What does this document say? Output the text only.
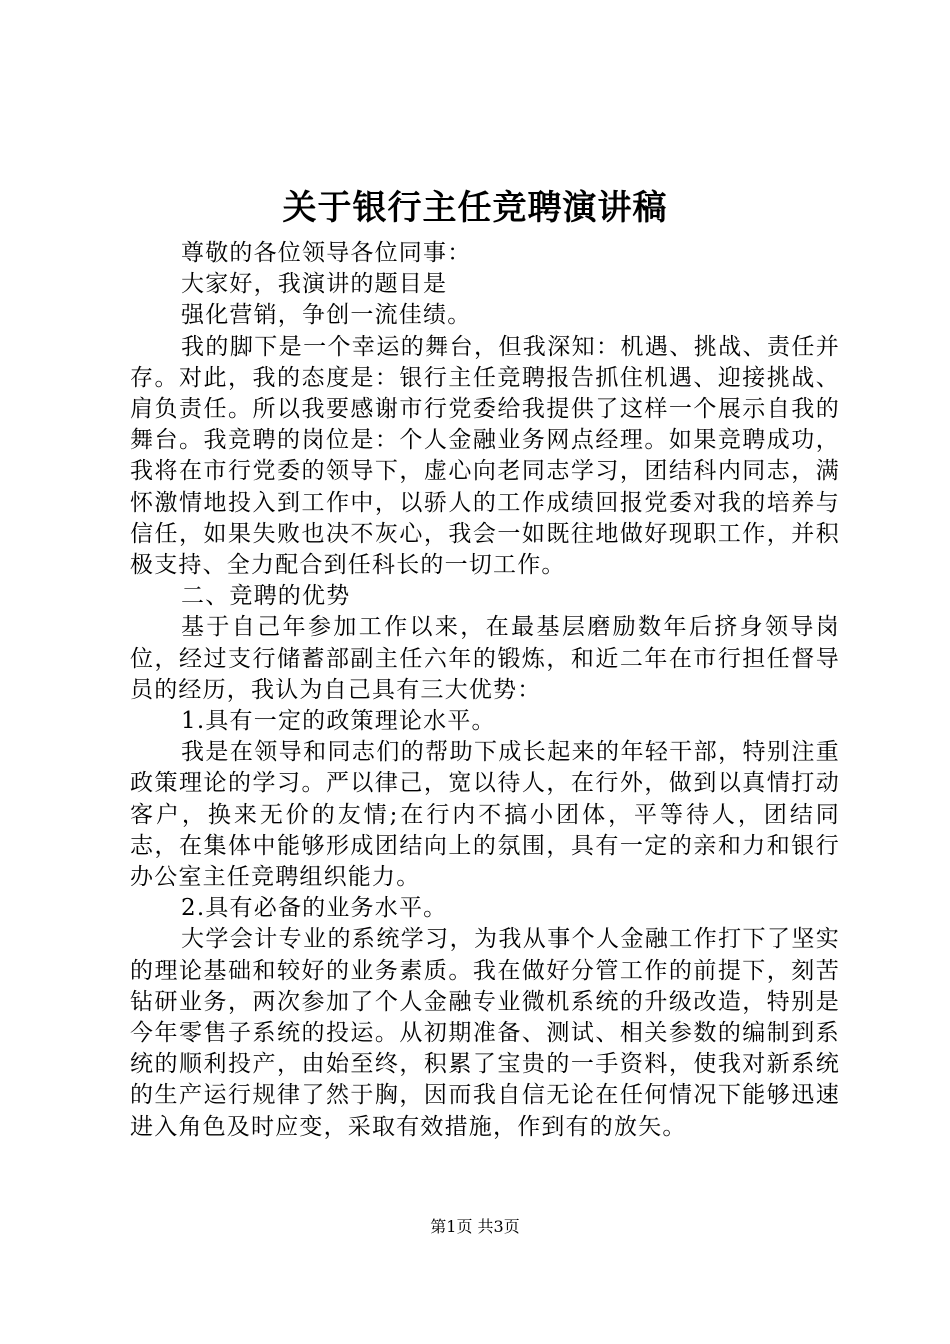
关于银行主任竞聘演讲稿

尊敬的各位领导各位同事：

大家好，我演讲的题目是

强化营销，争创一流佳绩。

我的脚下是一个幸运的舞台，但我深知：机遇、挑战、责任并存。对此，我的态度是：银行主任竞聘报告抓住机遇、迎接挑战、肩负责任。所以我要感谢市行党委给我提供了这样一个展示自我的舞台。我竞聘的岗位是：个人金融业务网点经理。如果竞聘成功，我将在市行党委的领导下，虚心向老同志学习，团结科内同志，满怀激情地投入到工作中，以骄人的工作成绩回报党委对我的培养与信任，如果失败也决不灰心，我会一如既往地做好现职工作，并积极支持、全力配合到任科长的一切工作。

二、竞聘的优势

基于自己年参加工作以来，在最基层磨励数年后挤身领导岗位，经过支行储蓄部副主任六年的锻炼，和近二年在市行担任督导员的经历，我认为自己具有三大优势：

1.具有一定的政策理论水平。

我是在领导和同志们的帮助下成长起来的年轻干部，特别注重政策理论的学习。严以律己，宽以待人，在行外，做到以真情打动客户，换来无价的友情;在行内不搞小团体，平等待人，团结同志，在集体中能够形成团结向上的氛围，具有一定的亲和力和银行办公室主任竞聘组织能力。

2.具有必备的业务水平。

大学会计专业的系统学习，为我从事个人金融工作打下了坚实的理论基础和较好的业务素质。我在做好分管工作的前提下，刻苦钻研业务，两次参加了个人金融专业微机系统的升级改造，特别是今年零售子系统的投运。从初期准备、测试、相关参数的编制到系统的顺利投产，由始至终，积累了宝贵的一手资料，使我对新系统的生产运行规律了然于胸，因而我自信无论在任何情况下能够迅速进入角色及时应变，采取有效措施，作到有的放矢。

第1页 共3页
